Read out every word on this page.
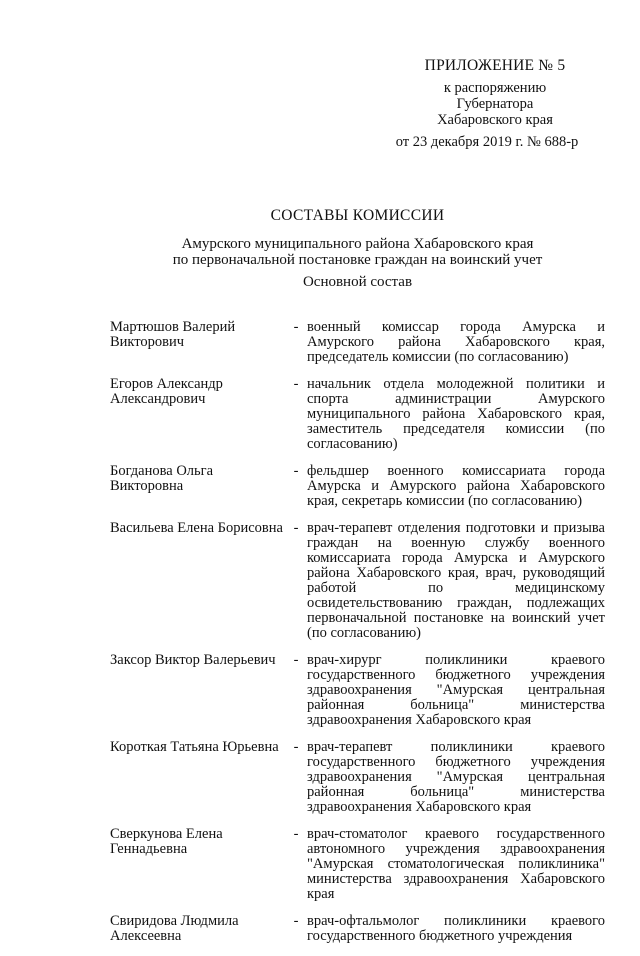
ПРИЛОЖЕНИЕ № 5
к распоряжению
Губернатора
Хабаровского края
от 23 декабря 2019 г. № 688-р
СОСТАВЫ КОМИССИИ
Амурского муниципального района Хабаровского края
по первоначальной постановке граждан на воинский учет
Основной состав
Мартюшов Валерий Викторович
- военный комиссар города Амурска и Амурского района Хабаровского края, председатель комиссии (по согласованию)
Егоров Александр Александрович
- начальник отдела молодежной политики и спорта администрации Амурского муниципального района Хабаровского края, заместитель председателя комиссии (по согласованию)
Богданова Ольга Викторовна
- фельдшер военного комиссариата города Амурска и Амурского района Хабаровского края, секретарь комиссии (по согласованию)
Васильева Елена Борисовна - врач-терапевт отделения подготовки и призыва граждан на военную службу военного комиссариата города Амурска и Амурского района Хабаровского края, врач, руководящий работой по медицинскому освидетельствованию граждан, подлежащих первоначальной постановке на воинский учет (по согласованию)
Заксор Виктор Валерьевич	- врач-хирург поликлиники краевого государственного бюджетного учреждения здравоохранения "Амурская центральная районная больница" министерства здравоохранения Хабаровского края
Короткая Татьяна Юрьевна	- врач-терапевт поликлиники краевого государственного бюджетного учреждения здравоохранения "Амурская центральная районная больница" министерства здравоохранения Хабаровского края
Сверкунова Елена Геннадьевна
- врач-стоматолог краевого государственного автономного учреждения здравоохранения "Амурская стоматологическая поликлиника" министерства здравоохранения Хабаровского края
Свиридова Людмила Алексеевна
- врач-офтальмолог поликлиники краевого государственного бюджетного учреждения
